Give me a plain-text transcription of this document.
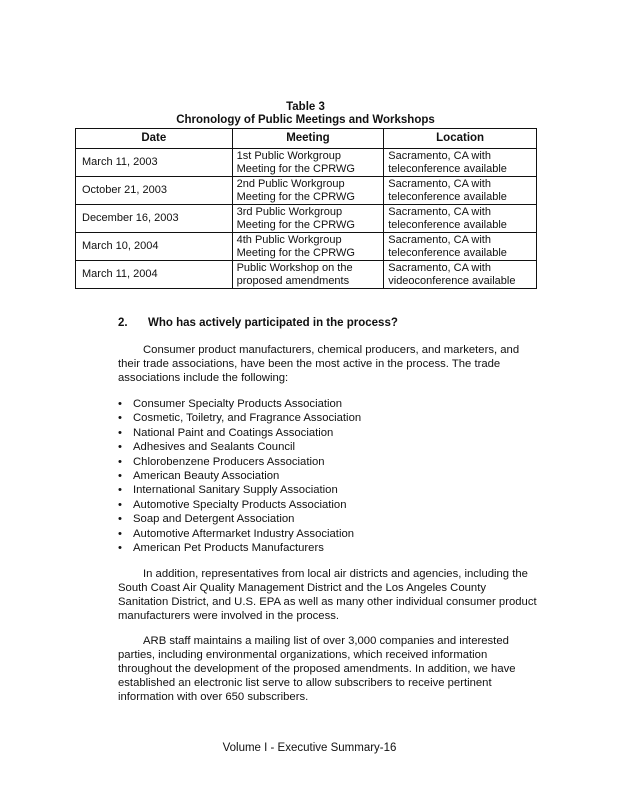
Table 3
Chronology of Public Meetings and Workshops
Date	Meeting	Location
March 11, 2003	1st Public Workgroup Meeting for the CPRWG	Sacramento, CA with teleconference available
October 21, 2003	2nd Public Workgroup Meeting for the CPRWG	Sacramento, CA with teleconference available
December 16, 2003	3rd Public Workgroup Meeting for the CPRWG	Sacramento, CA with teleconference available
March 10, 2004	4th Public Workgroup Meeting for the CPRWG	Sacramento, CA with teleconference available
March 11, 2004	Public Workshop on the proposed amendments	Sacramento, CA with videoconference available
2. Who has actively participated in the process?
Consumer product manufacturers, chemical producers, and marketers, and their trade associations, have been the most active in the process. The trade associations include the following:
• Consumer Specialty Products Association
• Cosmetic, Toiletry, and Fragrance Association
• National Paint and Coatings Association
• Adhesives and Sealants Council
• Chlorobenzene Producers Association
• American Beauty Association
• International Sanitary Supply Association
• Automotive Specialty Products Association
• Soap and Detergent Association
• Automotive Aftermarket Industry Association
• American Pet Products Manufacturers
In addition, representatives from local air districts and agencies, including the South Coast Air Quality Management District and the Los Angeles County Sanitation District, and U.S. EPA as well as many other individual consumer product manufacturers were involved in the process.
ARB staff maintains a mailing list of over 3,000 companies and interested parties, including environmental organizations, which received information throughout the development of the proposed amendments. In addition, we have established an electronic list serve to allow subscribers to receive pertinent information with over 650 subscribers.
Volume I - Executive Summary-16
